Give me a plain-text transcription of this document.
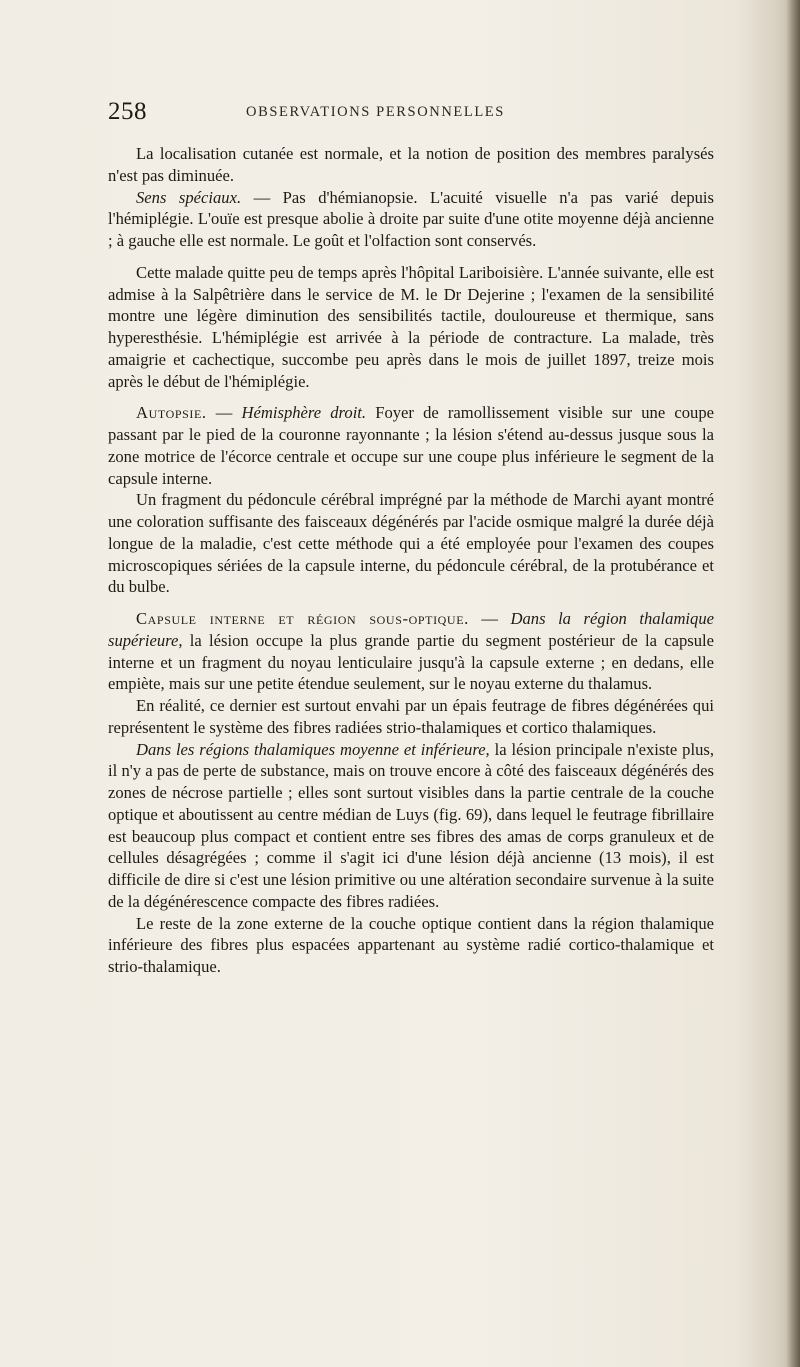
258	OBSERVATIONS PERSONNELLES

La localisation cutanée est normale, et la notion de position des membres paralysés n'est pas diminuée.

Sens spéciaux. — Pas d'hémianopsie. L'acuité visuelle n'a pas varié depuis l'hémiplégie. L'ouïe est presque abolie à droite par suite d'une otite moyenne déjà ancienne ; à gauche elle est normale. Le goût et l'olfaction sont conservés.

Cette malade quitte peu de temps après l'hôpital Lariboisière. L'année suivante, elle est admise à la Salpêtrière dans le service de M. le Dr Dejerine ; l'examen de la sensibilité montre une légère diminution des sensibilités tactile, douloureuse et thermique, sans hyperesthésie. L'hémiplégie est arrivée à la période de contracture. La malade, très amaigrie et cachectique, succombe peu après dans le mois de juillet 1897, treize mois après le début de l'hémiplégie.

Autopsie. — Hémisphère droit. Foyer de ramollissement visible sur une coupe passant par le pied de la couronne rayonnante ; la lésion s'étend au-dessus jusque sous la zone motrice de l'écorce centrale et occupe sur une coupe plus inférieure le segment de la capsule interne.

Un fragment du pédoncule cérébral imprégné par la méthode de Marchi ayant montré une coloration suffisante des faisceaux dégénérés par l'acide osmique malgré la durée déjà longue de la maladie, c'est cette méthode qui a été employée pour l'examen des coupes microscopiques sériées de la capsule interne, du pédoncule cérébral, de la protubérance et du bulbe.

Capsule interne et région sous-optique. — Dans la région thalamique supérieure, la lésion occupe la plus grande partie du segment postérieur de la capsule interne et un fragment du noyau lenticulaire jusqu'à la capsule externe ; en dedans, elle empiète, mais sur une petite étendue seulement, sur le noyau externe du thalamus.

En réalité, ce dernier est surtout envahi par un épais feutrage de fibres dégénérées qui représentent le système des fibres radiées strio-thalamiques et cortico thalamiques.

Dans les régions thalamiques moyenne et inférieure, la lésion principale n'existe plus, il n'y a pas de perte de substance, mais on trouve encore à côté des faisceaux dégénérés des zones de nécrose partielle ; elles sont surtout visibles dans la partie centrale de la couche optique et aboutissent au centre médian de Luys (fig. 69), dans lequel le feutrage fibrillaire est beaucoup plus compact et contient entre ses fibres des amas de corps granuleux et de cellules désagrégées ; comme il s'agit ici d'une lésion déjà ancienne (13 mois), il est difficile de dire si c'est une lésion primitive ou une altération secondaire survenue à la suite de la dégénérescence compacte des fibres radiées.

Le reste de la zone externe de la couche optique contient dans la région thalamique inférieure des fibres plus espacées appartenant au système radié cortico-thalamique et strio-thalamique.
